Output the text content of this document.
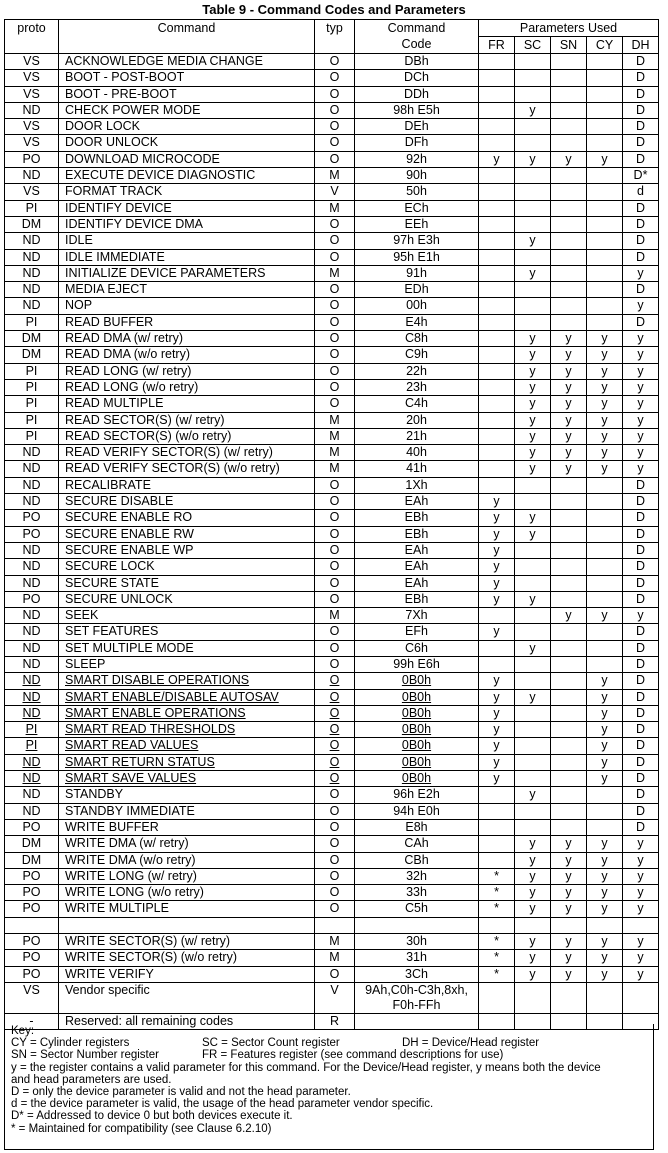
Table 9 - Command Codes and Parameters
proto	Command	typ	Command
Code	Parameters Used				
				FR	SC	SN	CY	DH
VS	ACKNOWLEDGE MEDIA CHANGE	O	DBh					D
VS	BOOT - POST-BOOT	O	DCh					D
VS	BOOT - PRE-BOOT	O	DDh					D
ND	CHECK POWER MODE	O	98h E5h		y			D
VS	DOOR LOCK	O	DEh					D
VS	DOOR UNLOCK	O	DFh					D
PO	DOWNLOAD MICROCODE	O	92h	y	y	y	y	D
ND	EXECUTE DEVICE DIAGNOSTIC	M	90h					D*
VS	FORMAT TRACK	V	50h					d
PI	IDENTIFY DEVICE	M	ECh					D
DM	IDENTIFY DEVICE DMA	O	EEh					D
ND	IDLE	O	97h E3h		y			D
ND	IDLE IMMEDIATE	O	95h E1h					D
ND	INITIALIZE DEVICE PARAMETERS	M	91h		y			y
ND	MEDIA EJECT	O	EDh					D
ND	NOP	O	00h					y
PI	READ BUFFER	O	E4h					D
DM	READ DMA (w/ retry)	O	C8h		y	y	y	y
DM	READ DMA (w/o retry)	O	C9h		y	y	y	y
PI	READ LONG (w/ retry)	O	22h		y	y	y	y
PI	READ LONG (w/o retry)	O	23h		y	y	y	y
PI	READ MULTIPLE	O	C4h		y	y	y	y
PI	READ SECTOR(S) (w/ retry)	M	20h		y	y	y	y
PI	READ SECTOR(S) (w/o retry)	M	21h		y	y	y	y
ND	READ VERIFY SECTOR(S) (w/ retry)	M	40h		y	y	y	y
ND	READ VERIFY SECTOR(S) (w/o retry)	M	41h		y	y	y	y
ND	RECALIBRATE	O	1Xh					D
ND	SECURE DISABLE	O	EAh	y				D
PO	SECURE ENABLE RO	O	EBh	y	y			D
PO	SECURE ENABLE RW	O	EBh	y	y			D
ND	SECURE ENABLE WP	O	EAh	y				D
ND	SECURE LOCK	O	EAh	y				D
ND	SECURE STATE	O	EAh	y				D
PO	SECURE UNLOCK	O	EBh	y	y			D
ND	SEEK	M	7Xh			y	y	y
ND	SET FEATURES	O	EFh	y				D
ND	SET MULTIPLE MODE	O	C6h		y			D
ND	SLEEP	O	99h E6h					D
ND	SMART DISABLE OPERATIONS	O	0B0h	y			y	D
ND	SMART ENABLE/DISABLE AUTOSAV	O	0B0h	y	y		y	D
ND	SMART ENABLE OPERATIONS	O	0B0h	y			y	D
PI	SMART READ THRESHOLDS	O	0B0h	y			y	D
PI	SMART READ VALUES	O	0B0h	y			y	D
ND	SMART RETURN STATUS	O	0B0h	y			y	D
ND	SMART SAVE VALUES	O	0B0h	y			y	D
ND	STANDBY	O	96h E2h		y			D
ND	STANDBY IMMEDIATE	O	94h E0h					D
PO	WRITE BUFFER	O	E8h					D
DM	WRITE DMA (w/ retry)	O	CAh		y	y	y	y
DM	WRITE DMA (w/o retry)	O	CBh		y	y	y	y
PO	WRITE LONG (w/ retry)	O	32h	*	y	y	y	y
PO	WRITE LONG (w/o retry)	O	33h	*	y	y	y	y
PO	WRITE MULTIPLE	O	C5h	*	y	y	y	y

PO	WRITE SECTOR(S) (w/ retry)	M	30h	*	y	y	y	y
PO	WRITE SECTOR(S) (w/o retry)	M	31h	*	y	y	y	y
PO	WRITE VERIFY	O	3Ch	*	y	y	y	y
VS	Vendor specific	V	9Ah,C0h-C3h,8xh, F0h-FFh					
-	Reserved: all remaining codes	R						
Key:
CY = Cylinder registers	SC = Sector Count register	DH = Device/Head register
SN = Sector Number register	FR = Features register (see command descriptions for use)
y = the register contains a valid parameter for this command. For the Device/Head register, y means both the device
and head parameters are used.
D = only the device parameter is valid and not the head parameter.
d = the device parameter is valid, the usage of the head parameter vendor specific.
D* = Addressed to device 0 but both devices execute it.
* = Maintained for compatibility (see Clause 6.2.10)
